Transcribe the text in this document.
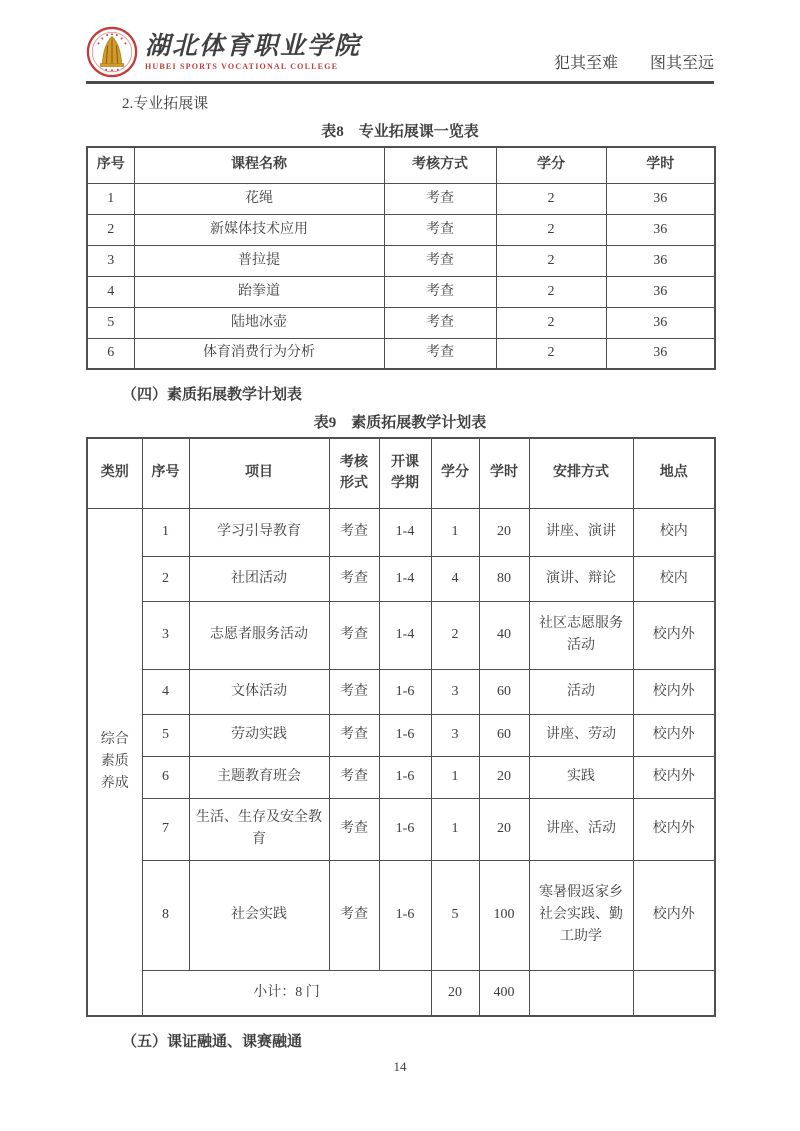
湖北体育职业学院
HUBEI SPORTS VOCATIONAL COLLEGE	犯其至难　　图其至远
2.专业拓展课
表8　专业拓展课一览表
序号	课程名称	考核方式	学分	学时
1	花绳	考查	2	36
2	新媒体技术应用	考查	2	36
3	普拉提	考查	2	36
4	跆拳道	考查	2	36
5	陆地冰壶	考查	2	36
6	体育消费行为分析	考查	2	36
（四）素质拓展教学计划表
表9　素质拓展教学计划表
类别	序号	项目	考核形式	开课学期	学分	学时	安排方式	地点
综合素质养成	1	学习引导教育	考查	1-4	1	20	讲座、演讲	校内
	2	社团活动	考查	1-4	4	80	演讲、辩论	校内
	3	志愿者服务活动	考查	1-4	2	40	社区志愿服务活动	校内外
	4	文体活动	考查	1-6	3	60	活动	校内外
	5	劳动实践	考查	1-6	3	60	讲座、劳动	校内外
	6	主题教育班会	考查	1-6	1	20	实践	校内外
	7	生活、生存及安全教育	考查	1-6	1	20	讲座、活动	校内外
	8	社会实践	考查	1-6	5	100	寒暑假返家乡社会实践、勤工助学	校内外
	小计：8 门				20	400		
（五）课证融通、课赛融通
14
